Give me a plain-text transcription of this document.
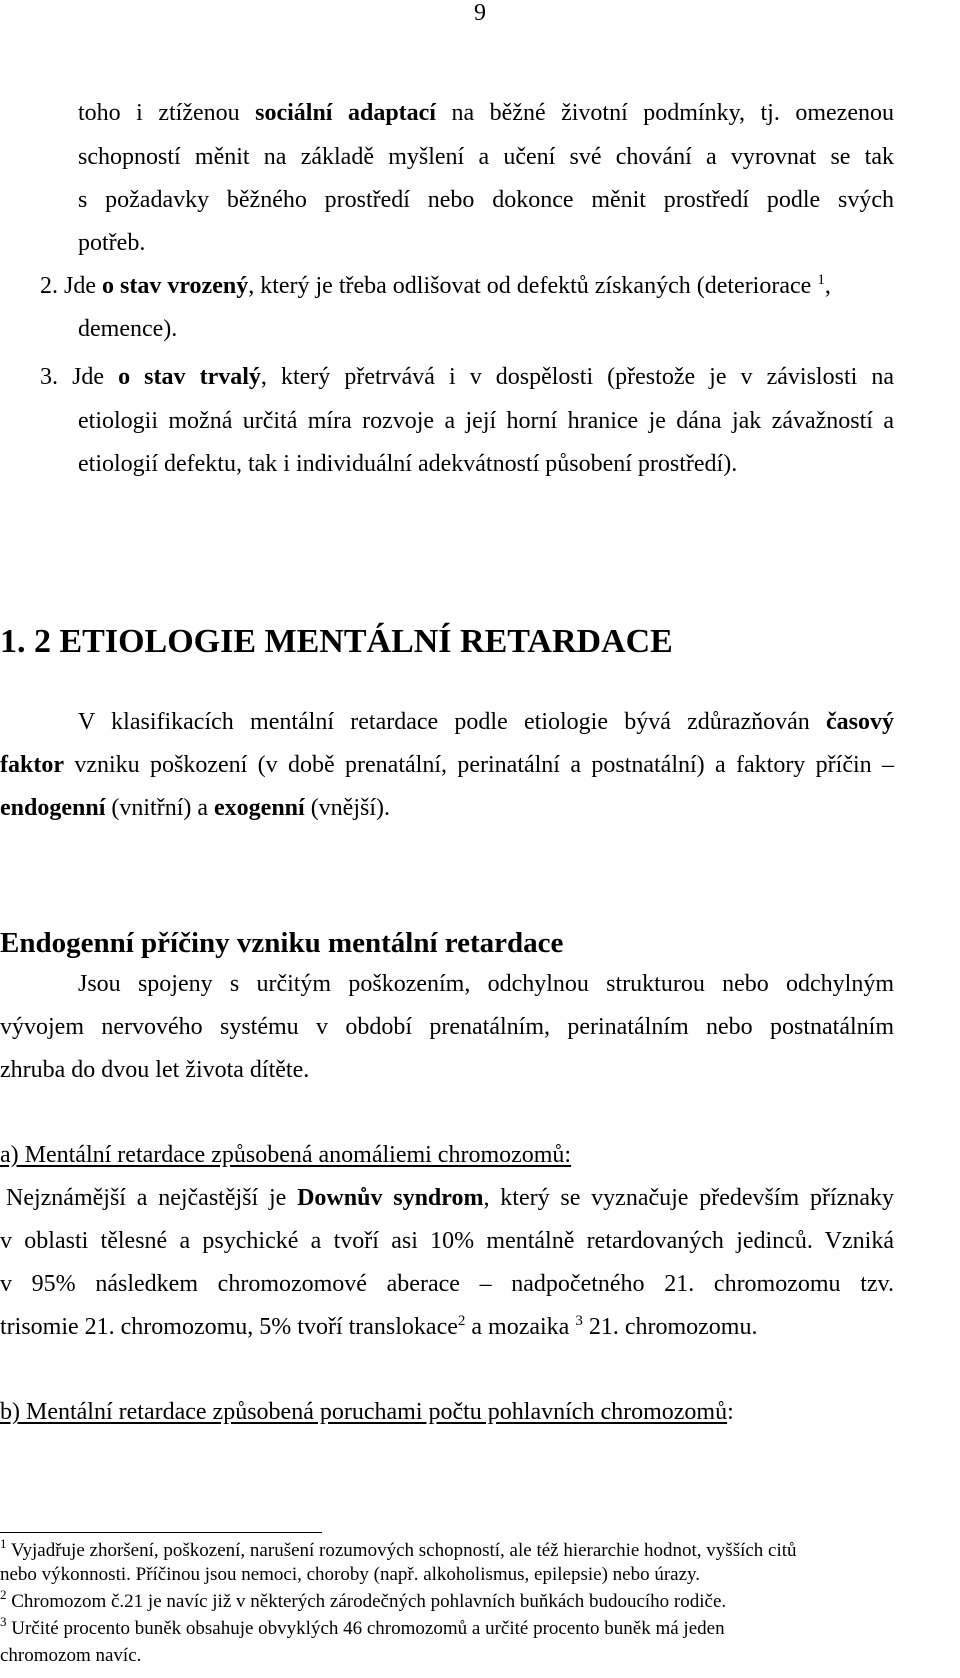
9
toho i ztíženou sociální adaptací na běžné životní podmínky, tj. omezenou
schopností měnit na základě myšlení a učení své chování a vyrovnat se tak
s požadavky běžného prostředí nebo dokonce měnit prostředí podle svých
potřeb.
2. Jde o stav vrozený, který je třeba odlišovat od defektů získaných (deteriorace $^1$,
demence).
3. Jde o stav trvalý, který přetrvává i v dospělosti (přestože je v závislosti na
etiologii možná určitá míra rozvoje a její horní hranice je dána jak závažností a
etiologií defektu, tak i individuální adekvátností působení prostředí).
1. 2 ETIOLOGIE MENTÁLNÍ RETARDACE
V klasifikacích mentální retardace podle etiologie bývá zdůrazňován časový
faktor vzniku poškození (v době prenatální, perinatální a postnatální) a faktory příčin –
endogenní (vnitřní) a exogenní (vnější).
Endogenní příčiny vzniku mentální retardace
Jsou spojeny s určitým poškozením, odchylnou strukturou nebo odchylným
vývojem nervového systému v období prenatálním, perinatálním nebo postnatálním
zhruba do dvou let života dítěte.
a) Mentální retardace způsobená anomáliemi chromozomů:
Nejznámější a nejčastější je Downův syndrom, který se vyznačuje především příznaky
v oblasti tělesné a psychické a tvoří asi 10% mentálně retardovaných jedinců. Vzniká
v 95% následkem chromozomové aberace – nadpočetného 21. chromozomu tzv.
trisomie 21. chromozomu, 5% tvoří translokace$^2$ a mozaika $^3$ 21. chromozomu.
b) Mentální retardace způsobená poruchami počtu pohlavních chromozomů:
$^1$ Vyjadřuje zhoršení, poškození, narušení rozumových schopností, ale též hierarchie hodnot, vyšších citů
nebo výkonnosti. Příčinou jsou nemoci, choroby (např. alkoholismus, epilepsie) nebo úrazy.
$^2$ Chromozom č.21 je navíc již v některých zárodečných pohlavních buňkách budoucího rodiče.
$^3$ Určité procento buněk obsahuje obvyklých 46 chromozomů a určité procento buněk má jeden
chromozom navíc.
